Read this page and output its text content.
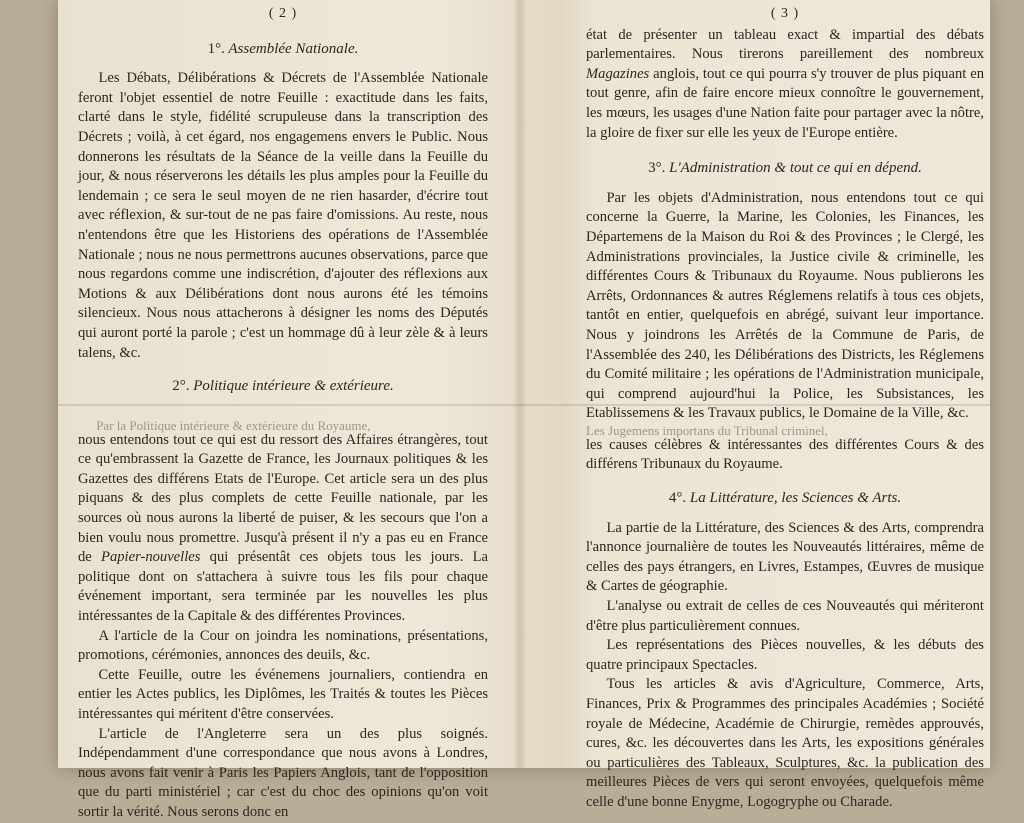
( 2 )
1°. Assemblée Nationale.

Les Débats, Délibérations & Décrets de l'Assemblée Nationale feront l'objet essentiel de notre Feuille : exactitude dans les faits, clarté dans le style, fidélité scrupuleuse dans la transcription des Décrets ; voilà, à cet égard, nos engagemens envers le Public. Nous donnerons les résultats de la Séance de la veille dans la Feuille du jour, & nous réserverons les détails les plus amples pour la Feuille du lendemain ; ce sera le seul moyen de ne rien hasarder, d'écrire tout avec réflexion, & sur-tout de ne pas faire d'omissions. Au reste, nous n'entendons être que les Historiens des opérations de l'Assemblée Nationale ; nous ne nous permettrons aucunes observations, parce que nous regardons comme une indiscrétion, d'ajouter des réflexions aux Motions & aux Délibérations dont nous aurons été les témoins silencieux. Nous nous attacherons à désigner les noms des Députés qui auront porté la parole ; c'est un hommage dû à leur zèle & à leurs talens, &c.

2°. Politique intérieure & extérieure.

Par la Politique intérieure & extérieure du Royaume,

nous entendons tout ce qui est du ressort des Affaires étrangères, tout ce qu'embrassent la Gazette de France, les Journaux politiques & les Gazettes des différens Etats de l'Europe. Cet article sera un des plus piquans & des plus complets de cette Feuille nationale, par les sources où nous aurons la liberté de puiser, & les secours que l'on a bien voulu nous promettre. Jusqu'à présent il n'y a pas eu en France de Papier-nouvelles qui présentât ces objets tous les jours. La politique dont on s'attachera à suivre tous les fils pour chaque événement important, sera terminée par les nouvelles les plus intéressantes de la Capitale & des différentes Provinces.

A l'article de la Cour on joindra les nominations, présentations, promotions, cérémonies, annonces des deuils, &c.

Cette Feuille, outre les événemens journaliers, contiendra en entier les Actes publics, les Diplômes, les Traités & toutes les Pièces intéressantes qui méritent d'être conservées.

L'article de l'Angleterre sera un des plus soignés. Indépendamment d'une correspondance que nous avons à Londres, nous avons fait venir à Paris les Papiers Anglois, tant de l'opposition que du parti ministériel ; car c'est du choc des opinions qu'on voit sortir la vérité. Nous serons donc en

( 3 )

état de présenter un tableau exact & impartial des débats parlementaires. Nous tirerons pareillement des nombreux Magazines anglois, tout ce qui pourra s'y trouver de plus piquant en tout genre, afin de faire encore mieux connoître le gouvernement, les mœurs, les usages d'une Nation faite pour partager avec la nôtre, la gloire de fixer sur elle les yeux de l'Europe entière.

3°. L'Administration & tout ce qui en dépend.

Par les objets d'Administration, nous entendons tout ce qui concerne la Guerre, la Marine, les Colonies, les Finances, les Départemens de la Maison du Roi & des Provinces ; le Clergé, les Administrations provinciales, la Justice civile & criminelle, les différentes Cours & Tribunaux du Royaume. Nous publierons les Arrêts, Ordonnances & autres Réglemens relatifs à tous ces objets, tantôt en entier, quelquefois en abrégé, suivant leur importance. Nous y joindrons les Arrêtés de la Commune de Paris, de l'Assemblée des 240, les Délibérations des Districts, les Réglemens du Comité militaire ; les opérations de l'Administration municipale, qui comprend aujourd'hui la Police, les Subsistances, les Etablissemens & les Travaux publics, le Domaine de la Ville, &c.

Les Jugemens importans du Tribunal criminel,

les causes célèbres & intéressantes des différentes Cours & des différens Tribunaux du Royaume.

4°. La Littérature, les Sciences & Arts.

La partie de la Littérature, des Sciences & des Arts, comprendra l'annonce journalière de toutes les Nouveautés littéraires, même de celles des pays étrangers, en Livres, Estampes, Œuvres de musique & Cartes de géographie.

L'analyse ou extrait de celles de ces Nouveautés qui mériteront d'être plus particulièrement connues.

Les représentations des Pièces nouvelles, & les débuts des quatre principaux Spectacles.

Tous les articles & avis d'Agriculture, Commerce, Arts, Finances, Prix & Programmes des principales Académies ; Société royale de Médecine, Académie de Chirurgie, remèdes approuvés, cures, &c. les découvertes dans les Arts, les expositions générales ou particulières des Tableaux, Sculptures, &c. la publication des meilleures Pièces de vers qui seront envoyées, quelquefois même celle d'une bonne Enygme, Logogryphe ou Charade.
